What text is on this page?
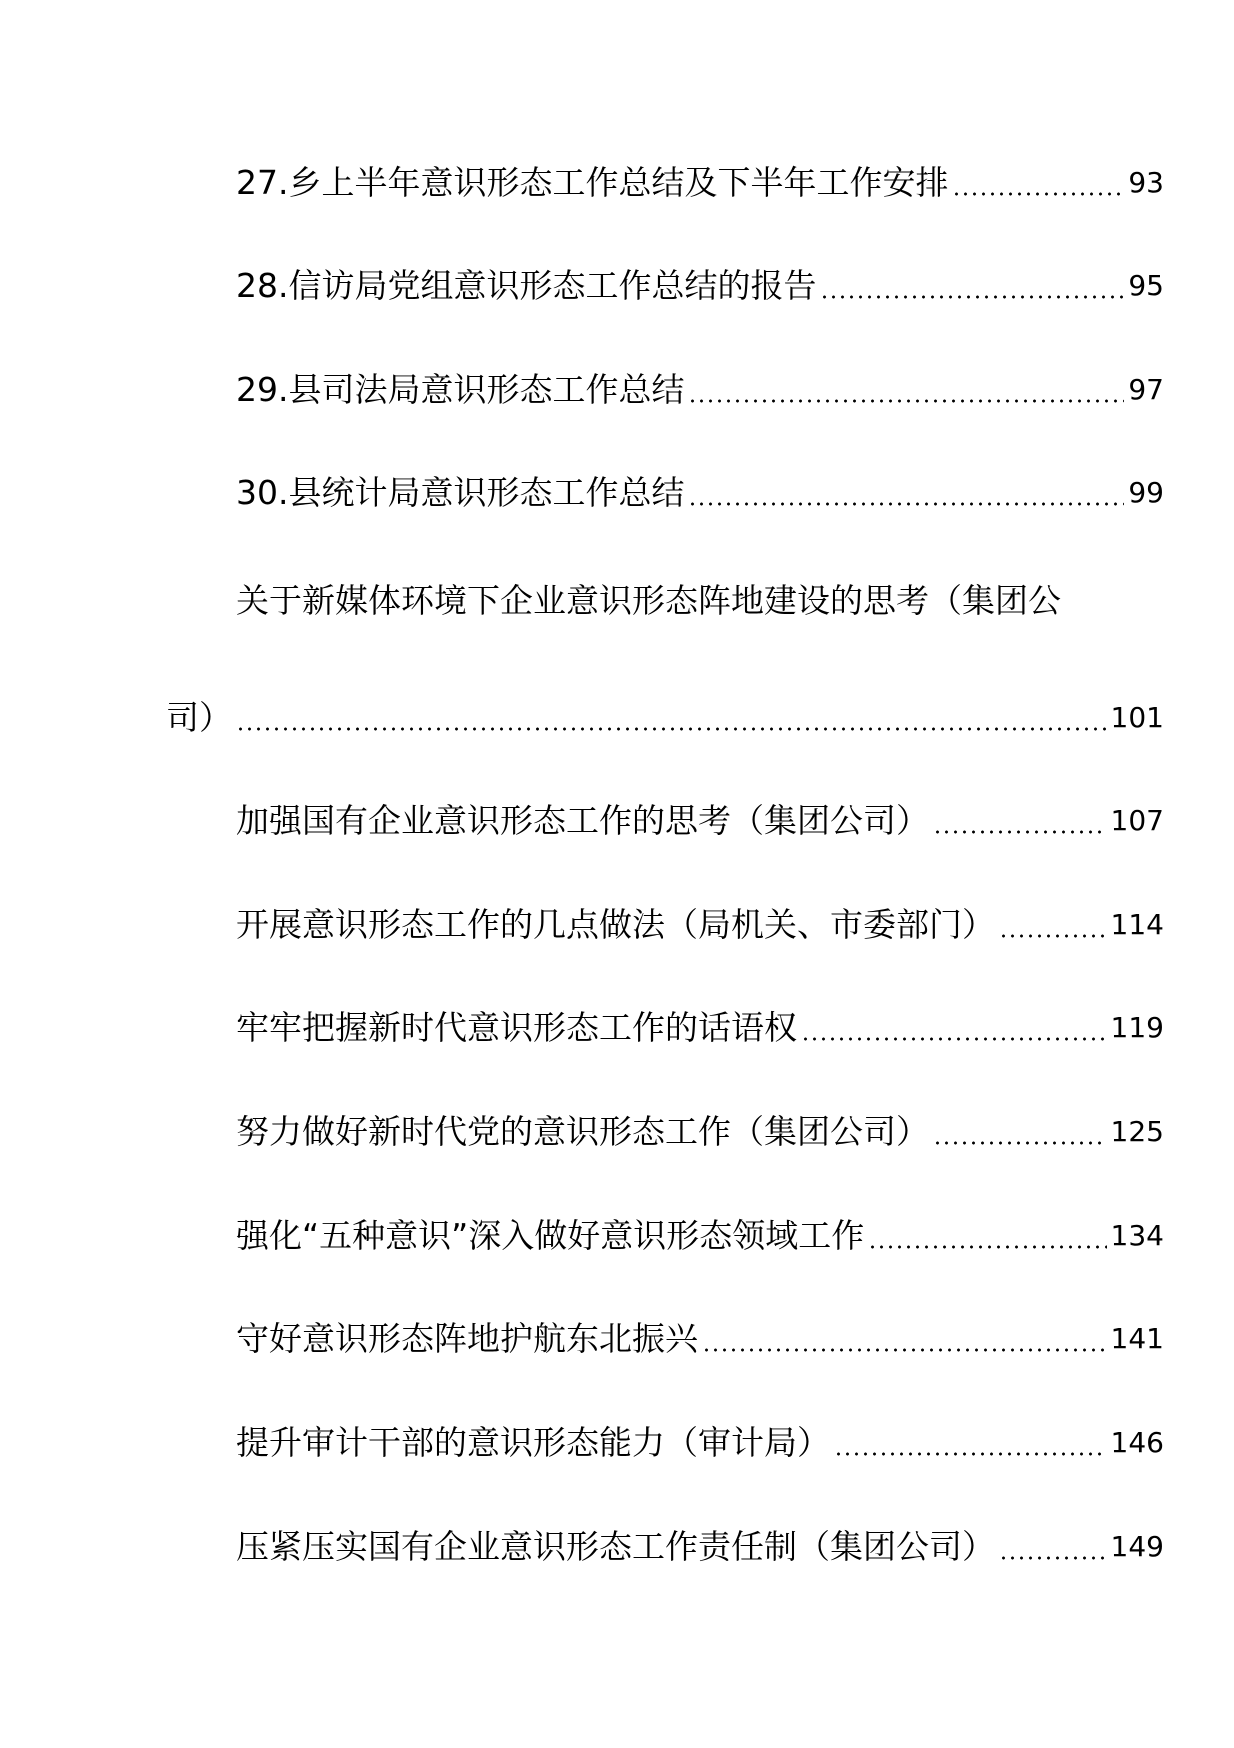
27.乡上半年意识形态工作总结及下半年工作安排	93
28.信访局党组意识形态工作总结的报告	95
29.县司法局意识形态工作总结	97
30.县统计局意识形态工作总结	99
关于新媒体环境下企业意识形态阵地建设的思考（集团公
司）	101
加强国有企业意识形态工作的思考（集团公司）	107
开展意识形态工作的几点做法（局机关、市委部门）	114
牢牢把握新时代意识形态工作的话语权	119
努力做好新时代党的意识形态工作（集团公司）	125
强化“五种意识”深入做好意识形态领域工作	134
守好意识形态阵地护航东北振兴	141
提升审计干部的意识形态能力（审计局）	146
压紧压实国有企业意识形态工作责任制（集团公司）	149
